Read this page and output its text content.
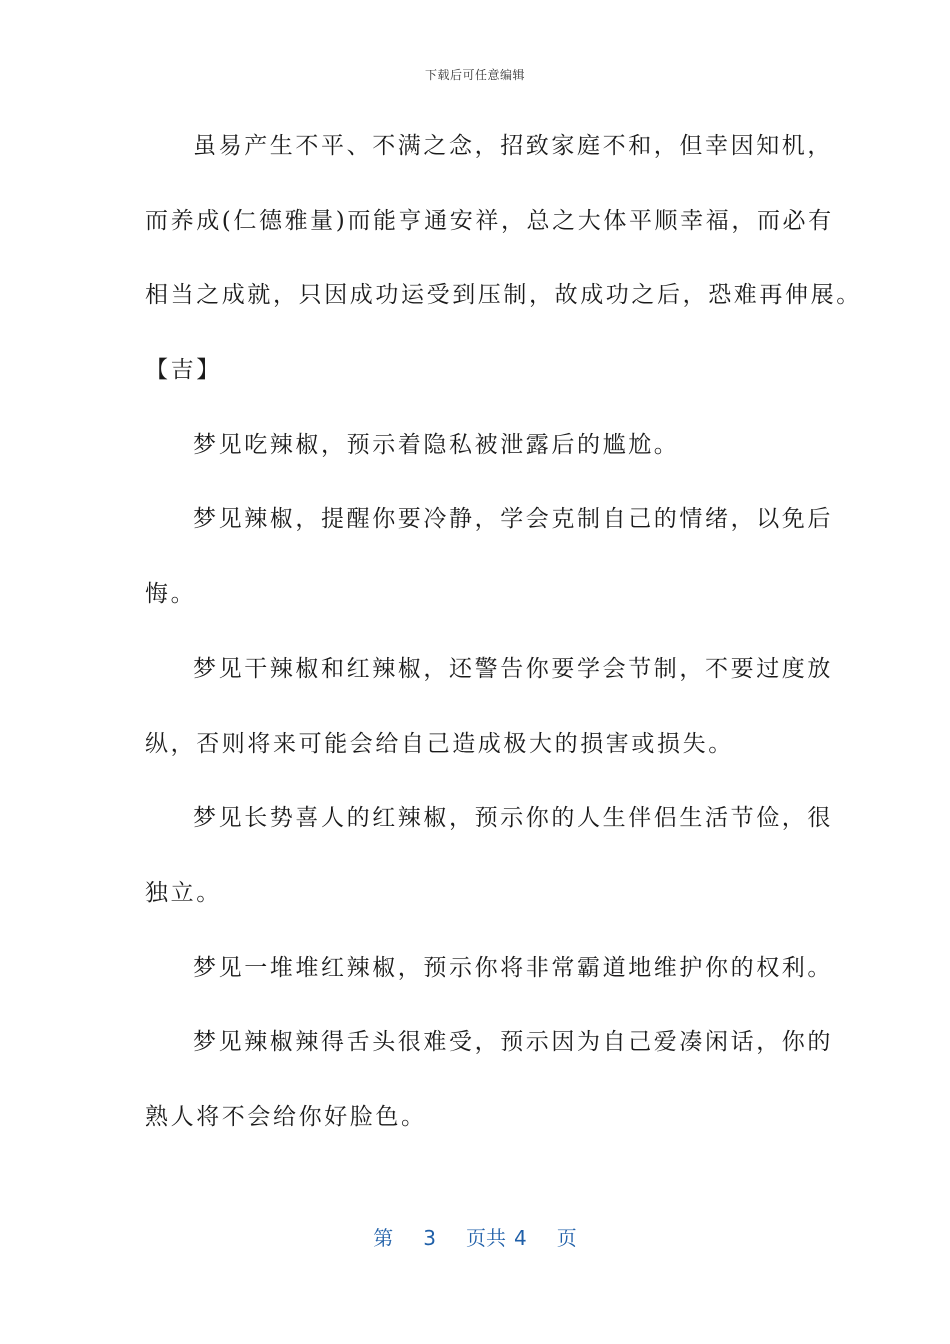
下载后可任意编辑
虽易产生不平、不满之念，招致家庭不和，但幸因知机，
而养成(仁德雅量)而能亨通安祥，总之大体平顺幸福，而必有
相当之成就，只因成功运受到压制，故成功之后，恐难再伸展。
【吉】
梦见吃辣椒，预示着隐私被泄露后的尴尬。
梦见辣椒，提醒你要冷静，学会克制自己的情绪，以免后
悔。
梦见干辣椒和红辣椒，还警告你要学会节制，不要过度放
纵，否则将来可能会给自己造成极大的损害或损失。
梦见长势喜人的红辣椒，预示你的人生伴侣生活节俭，很
独立。
梦见一堆堆红辣椒，预示你将非常霸道地维护你的权利。
梦见辣椒辣得舌头很难受，预示因为自己爱凑闲话，你的
熟人将不会给你好脸色。
第 3 页共 4 页
